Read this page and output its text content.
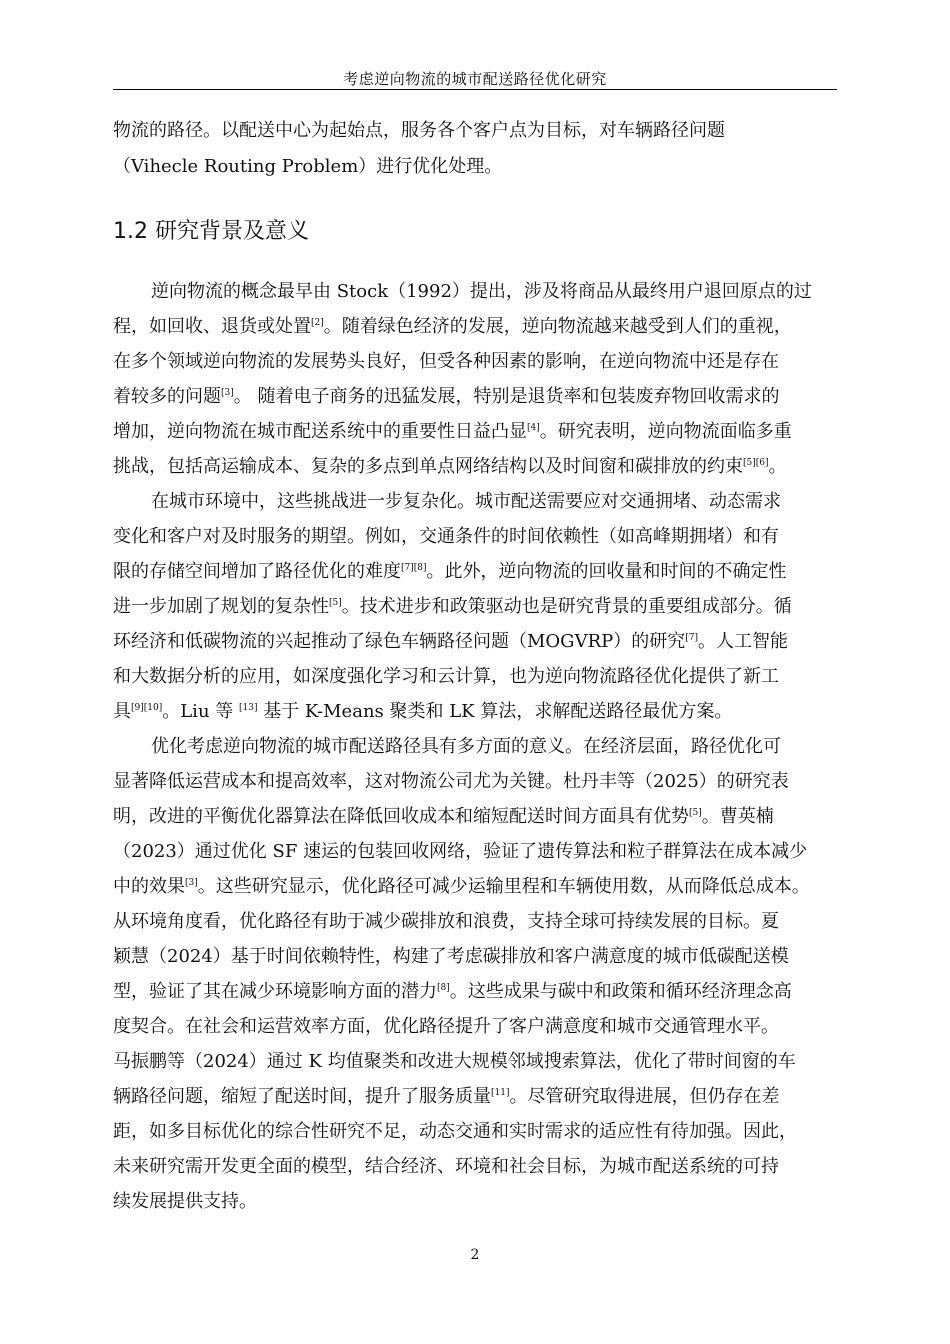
考虑逆向物流的城市配送路径优化研究
物流的路径。以配送中心为起始点，服务各个客户点为目标，对车辆路径问题
（Vihecle Routing Problem）进行优化处理。
1.2 研究背景及意义
逆向物流的概念最早由 Stock（1992）提出，涉及将商品从最终用户退回原点的过
程，如回收、退货或处置[2]。随着绿色经济的发展，逆向物流越来越受到人们的重视，
在多个领域逆向物流的发展势头良好，但受各种因素的影响，在逆向物流中还是存在
着较多的问题[3]。 随着电子商务的迅猛发展，特别是退货率和包装废弃物回收需求的
增加，逆向物流在城市配送系统中的重要性日益凸显[4]。研究表明，逆向物流面临多重
挑战，包括高运输成本、复杂的多点到单点网络结构以及时间窗和碳排放的约束[5][6]。
在城市环境中，这些挑战进一步复杂化。城市配送需要应对交通拥堵、动态需求
变化和客户对及时服务的期望。例如，交通条件的时间依赖性（如高峰期拥堵）和有
限的存储空间增加了路径优化的难度[7][8]。此外，逆向物流的回收量和时间的不确定性
进一步加剧了规划的复杂性[5]。技术进步和政策驱动也是研究背景的重要组成部分。循
环经济和低碳物流的兴起推动了绿色车辆路径问题（MOGVRP）的研究[7]。人工智能
和大数据分析的应用，如深度强化学习和云计算，也为逆向物流路径优化提供了新工
具[9][10]。Liu 等 [13] 基于 K-Means 聚类和 LK 算法，求解配送路径最优方案。
优化考虑逆向物流的城市配送路径具有多方面的意义。在经济层面，路径优化可
显著降低运营成本和提高效率，这对物流公司尤为关键。杜丹丰等（2025）的研究表
明，改进的平衡优化器算法在降低回收成本和缩短配送时间方面具有优势[5]。曹英楠
（2023）通过优化 SF 速运的包装回收网络，验证了遗传算法和粒子群算法在成本减少
中的效果[3]。这些研究显示，优化路径可减少运输里程和车辆使用数，从而降低总成本。
从环境角度看，优化路径有助于减少碳排放和浪费，支持全球可持续发展的目标。夏
颖慧（2024）基于时间依赖特性，构建了考虑碳排放和客户满意度的城市低碳配送模
型，验证了其在减少环境影响方面的潜力[8]。这些成果与碳中和政策和循环经济理念高
度契合。在社会和运营效率方面，优化路径提升了客户满意度和城市交通管理水平。
马振鹏等（2024）通过 K 均值聚类和改进大规模邻域搜索算法，优化了带时间窗的车
辆路径问题，缩短了配送时间，提升了服务质量[11]。尽管研究取得进展，但仍存在差
距，如多目标优化的综合性研究不足，动态交通和实时需求的适应性有待加强。因此，
未来研究需开发更全面的模型，结合经济、环境和社会目标，为城市配送系统的可持
续发展提供支持。
2
